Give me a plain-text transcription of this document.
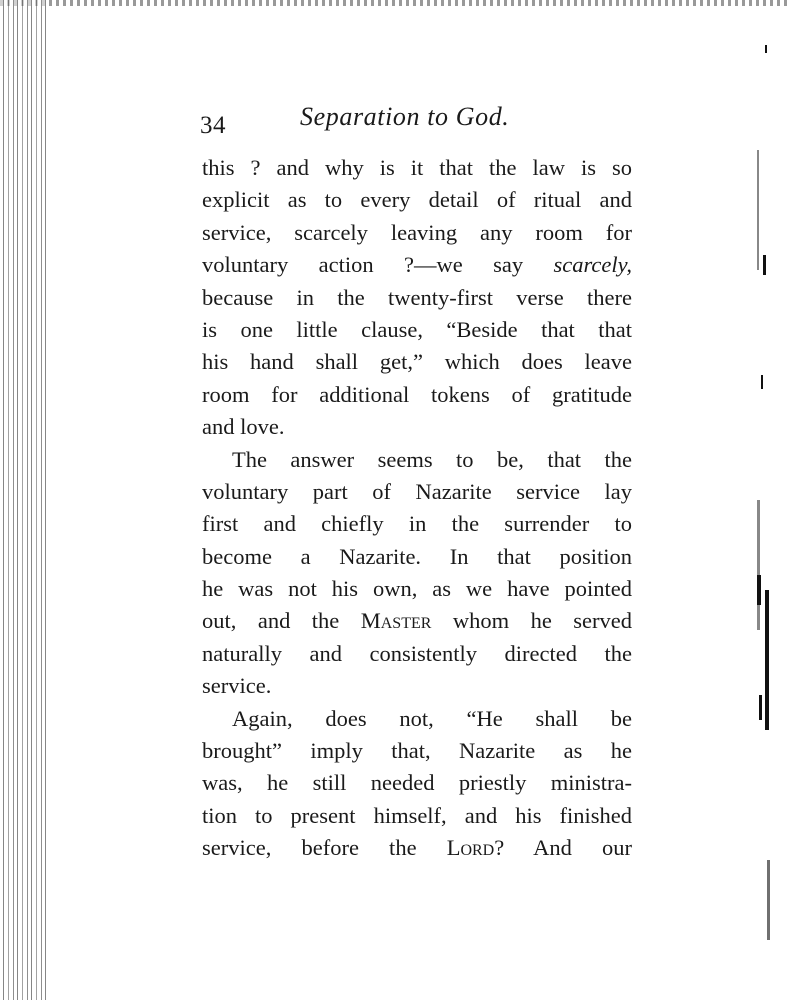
34	Separation to God.
this ? and why is it that the law is so
explicit as to every detail of ritual and
service, scarcely leaving any room for
voluntary action ?—we say scarcely,
because in the twenty-first verse there
is one little clause, “Beside that that
his hand shall get,” which does leave
room for additional tokens of gratitude
and love.
The answer seems to be, that the
voluntary part of Nazarite service lay
first and chiefly in the surrender to
become a Nazarite. In that position
he was not his own, as we have pointed
out, and the Master whom he served
naturally and consistently directed the
service.
Again, does not, “He shall be
brought” imply that, Nazarite as he
was, he still needed priestly ministra-
tion to present himself, and his finished
service, before the Lord? And our
